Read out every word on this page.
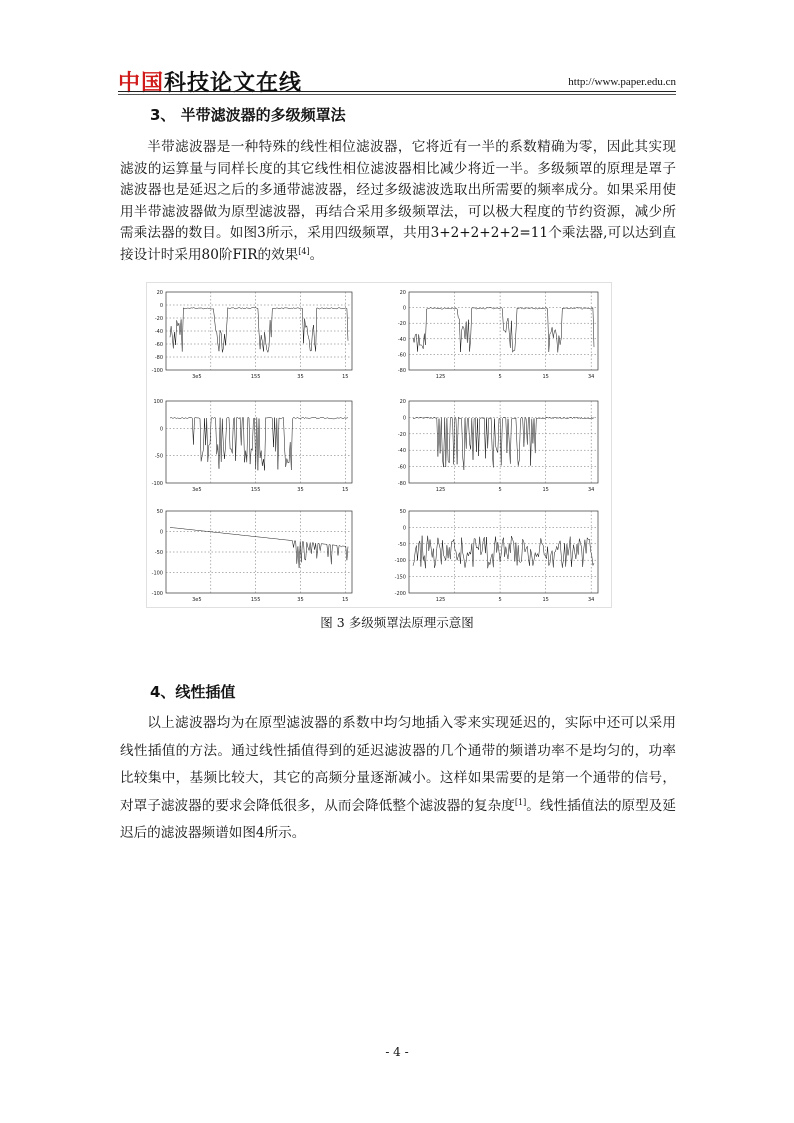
中国科技论文在线	http://www.paper.edu.cn
3、 半带滤波器的多级频罩法

半带滤波器是一种特殊的线性相位滤波器，它将近有一半的系数精确为零，因此其实现滤波的运算量与同样长度的其它线性相位滤波器相比减少将近一半。多级频罩的原理是罩子滤波器也是延迟之后的多通带滤波器，经过多级滤波选取出所需要的频率成分。如果采用使用半带滤波器做为原型滤波器，再结合采用多级频罩法，可以极大程度的节约资源，减少所需乘法器的数目。如图3所示，采用四级频罩，共用3+2+2+2+2=11个乘法器,可以达到直接设计时采用80阶FIR的效果[4]。

20
0
-20
-40
-60
-80
-100
3e5	155	35	15
100
0
-50
-100
3e5	155	35	15
50
0
-50
-100
-100
3e5	155	35	15
20
0
-20
-40
-60
-80
125	5	15	34
20
0
-20
-40
-60
-80
125	5	15	34
50
0
-50
-100
-150
-200
125	5	15	34
图 3 多级频罩法原理示意图
4、线性插值

以上滤波器均为在原型滤波器的系数中均匀地插入零来实现延迟的，实际中还可以采用线性插值的方法。通过线性插值得到的延迟滤波器的几个通带的频谱功率不是均匀的，功率比较集中，基频比较大，其它的高频分量逐渐减小。这样如果需要的是第一个通带的信号，对罩子滤波器的要求会降低很多，从而会降低整个滤波器的复杂度[1]。线性插值法的原型及延迟后的滤波器频谱如图4所示。

- 4 -
